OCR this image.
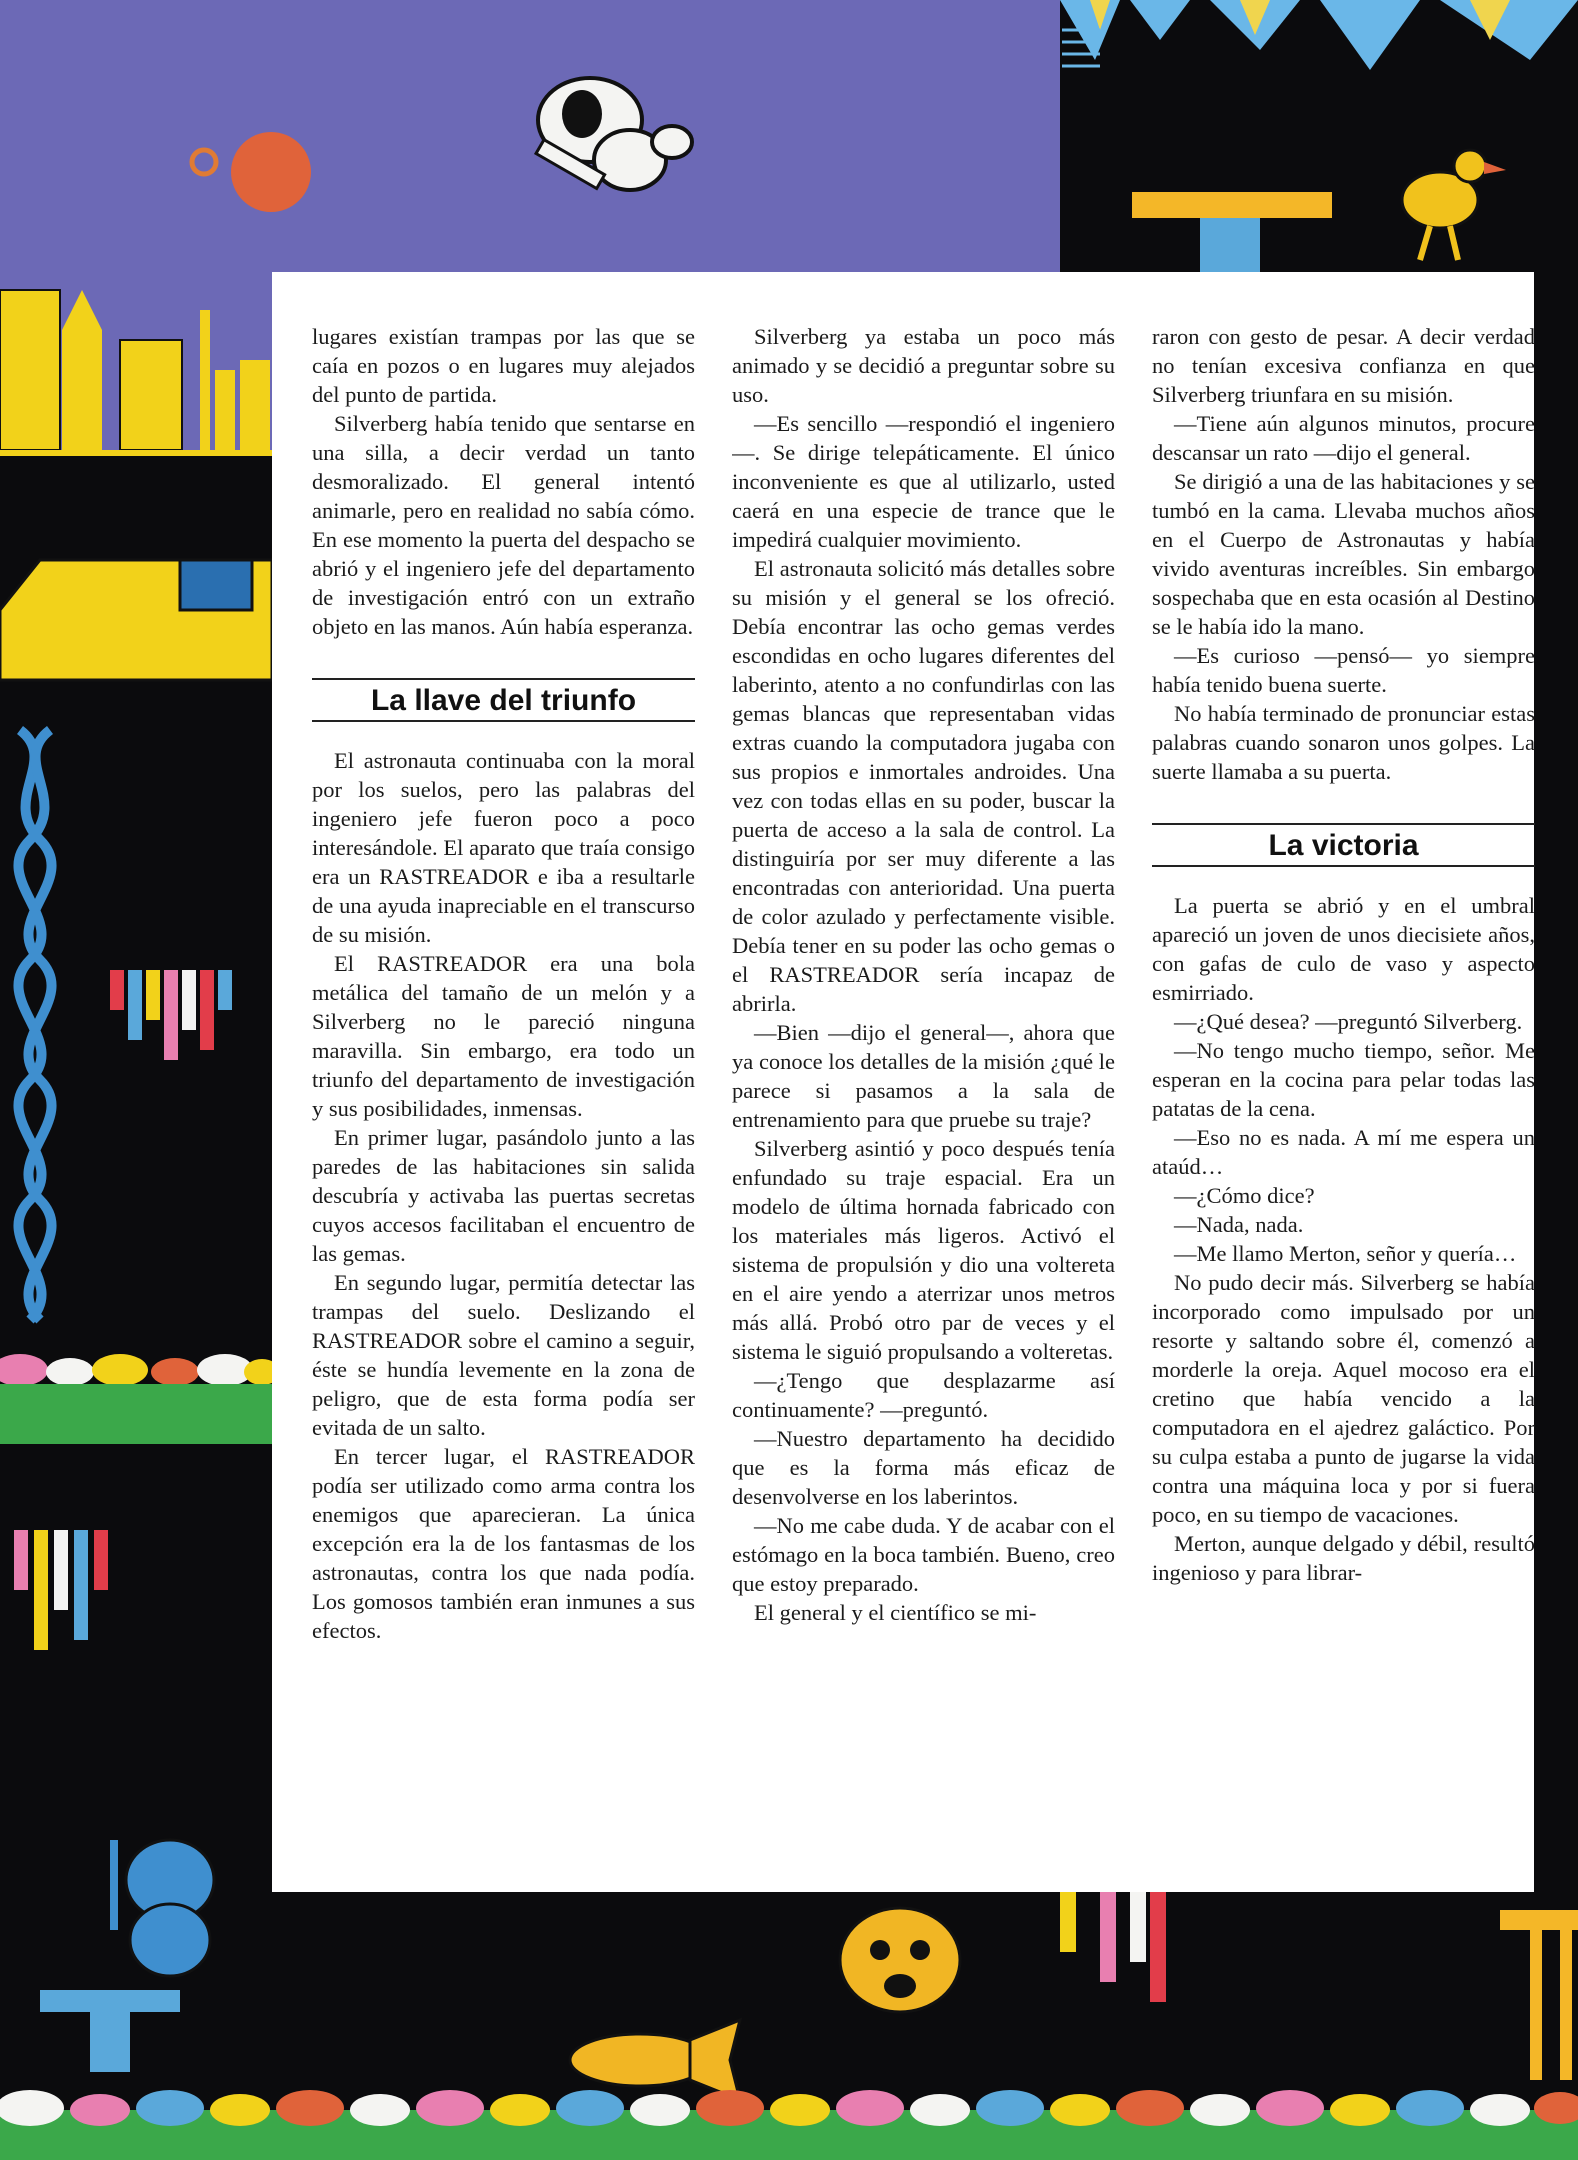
lugares existían trampas por las que se caía en pozos o en lugares muy alejados del punto de partida.

Silverberg había tenido que sentarse en una silla, a decir verdad un tanto desmoralizado. El general intentó animarle, pero en realidad no sabía cómo. En ese momento la puerta del despacho se abrió y el ingeniero jefe del departamento de investigación entró con un extraño objeto en las manos. Aún había esperanza.

La llave del triunfo

El astronauta continuaba con la moral por los suelos, pero las palabras del ingeniero jefe fueron poco a poco interesándole. El aparato que traía consigo era un RASTREADOR e iba a resultarle de una ayuda inapreciable en el transcurso de su misión.

El RASTREADOR era una bola metálica del tamaño de un melón y a Silverberg no le pareció ninguna maravilla. Sin embargo, era todo un triunfo del departamento de investigación y sus posibilidades, inmensas.

En primer lugar, pasándolo junto a las paredes de las habitaciones sin salida descubría y activaba las puertas secretas cuyos accesos facilitaban el encuentro de las gemas.

En segundo lugar, permitía detectar las trampas del suelo. Deslizando el RASTREADOR sobre el camino a seguir, éste se hundía levemente en la zona de peligro, que de esta forma podía ser evitada de un salto.

En tercer lugar, el RASTREADOR podía ser utilizado como arma contra los enemigos que aparecieran. La única excepción era la de los fantasmas de los astronautas, contra los que nada podía. Los gomosos también eran inmunes a sus efectos.

Silverberg ya estaba un poco más animado y se decidió a preguntar sobre su uso.

—Es sencillo —respondió el ingeniero—. Se dirige telepáticamente. El único inconveniente es que al utilizarlo, usted caerá en una especie de trance que le impedirá cualquier movimiento.

El astronauta solicitó más detalles sobre su misión y el general se los ofreció. Debía encontrar las ocho gemas verdes escondidas en ocho lugares diferentes del laberinto, atento a no confundirlas con las gemas blancas que representaban vidas extras cuando la computadora jugaba con sus propios e inmortales androides. Una vez con todas ellas en su poder, buscar la puerta de acceso a la sala de control. La distinguiría por ser muy diferente a las encontradas con anterioridad. Una puerta de color azulado y perfectamente visible. Debía tener en su poder las ocho gemas o el RASTREADOR sería incapaz de abrirla.

—Bien —dijo el general—, ahora que ya conoce los detalles de la misión ¿qué le parece si pasamos a la sala de entrenamiento para que pruebe su traje?

Silverberg asintió y poco después tenía enfundado su traje espacial. Era un modelo de última hornada fabricado con los materiales más ligeros. Activó el sistema de propulsión y dio una voltereta en el aire yendo a aterrizar unos metros más allá. Probó otro par de veces y el sistema le siguió propulsando a volteretas.

—¿Tengo que desplazarme así continuamente? —preguntó.

—Nuestro departamento ha decidido que es la forma más eficaz de desenvolverse en los laberintos.

—No me cabe duda. Y de acabar con el estómago en la boca también. Bueno, creo que estoy preparado.

El general y el científico se mi-

raron con gesto de pesar. A decir verdad no tenían excesiva confianza en que Silverberg triunfara en su misión.

—Tiene aún algunos minutos, procure descansar un rato —dijo el general.

Se dirigió a una de las habitaciones y se tumbó en la cama. Llevaba muchos años en el Cuerpo de Astronautas y había vivido aventuras increíbles. Sin embargo sospechaba que en esta ocasión al Destino se le había ido la mano.

—Es curioso —pensó— yo siempre había tenido buena suerte.

No había terminado de pronunciar estas palabras cuando sonaron unos golpes. La suerte llamaba a su puerta.

La victoria

La puerta se abrió y en el umbral apareció un joven de unos diecisiete años, con gafas de culo de vaso y aspecto esmirriado.

—¿Qué desea? —preguntó Silverberg.

—No tengo mucho tiempo, señor. Me esperan en la cocina para pelar todas las patatas de la cena.

—Eso no es nada. A mí me espera un ataúd…

—¿Cómo dice?

—Nada, nada.

—Me llamo Merton, señor y quería…

No pudo decir más. Silverberg se había incorporado como impulsado por un resorte y saltando sobre él, comenzó a morderle la oreja. Aquel mocoso era el cretino que había vencido a la computadora en el ajedrez galáctico. Por su culpa estaba a punto de jugarse la vida contra una máquina loca y por si fuera poco, en su tiempo de vacaciones.

Merton, aunque delgado y débil, resultó ingenioso y para librar-
